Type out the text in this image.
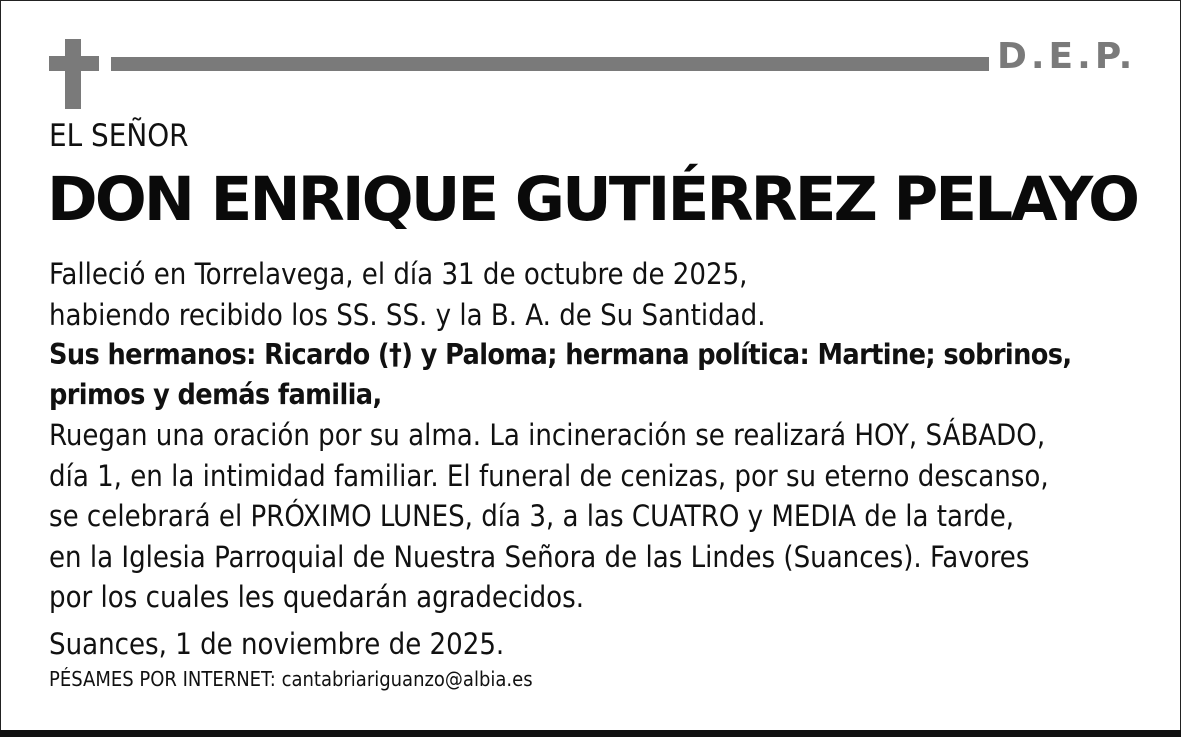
D.E.P.
EL SEÑOR
DON ENRIQUE GUTIÉRREZ PELAYO

Falleció en Torrelavega, el día 31 de octubre de 2025,

habiendo recibido los SS. SS. y la B. A. de Su Santidad.

Sus hermanos: Ricardo (†) y Paloma; hermana política: Martine; sobrinos,
primos y demás familia,

Ruegan una oración por su alma. La incineración se realizará HOY, SÁBADO,

día 1, en la intimidad familiar. El funeral de cenizas, por su eterno descanso,

se celebrará el PRÓXIMO LUNES, día 3, a las CUATRO y MEDIA de la tarde,

en la Iglesia Parroquial de Nuestra Señora de las Lindes (Suances). Favores

por los cuales les quedarán agradecidos.

Suances, 1 de noviembre de 2025.

PÉSAMES POR INTERNET: cantabriariguanzo@albia.es
